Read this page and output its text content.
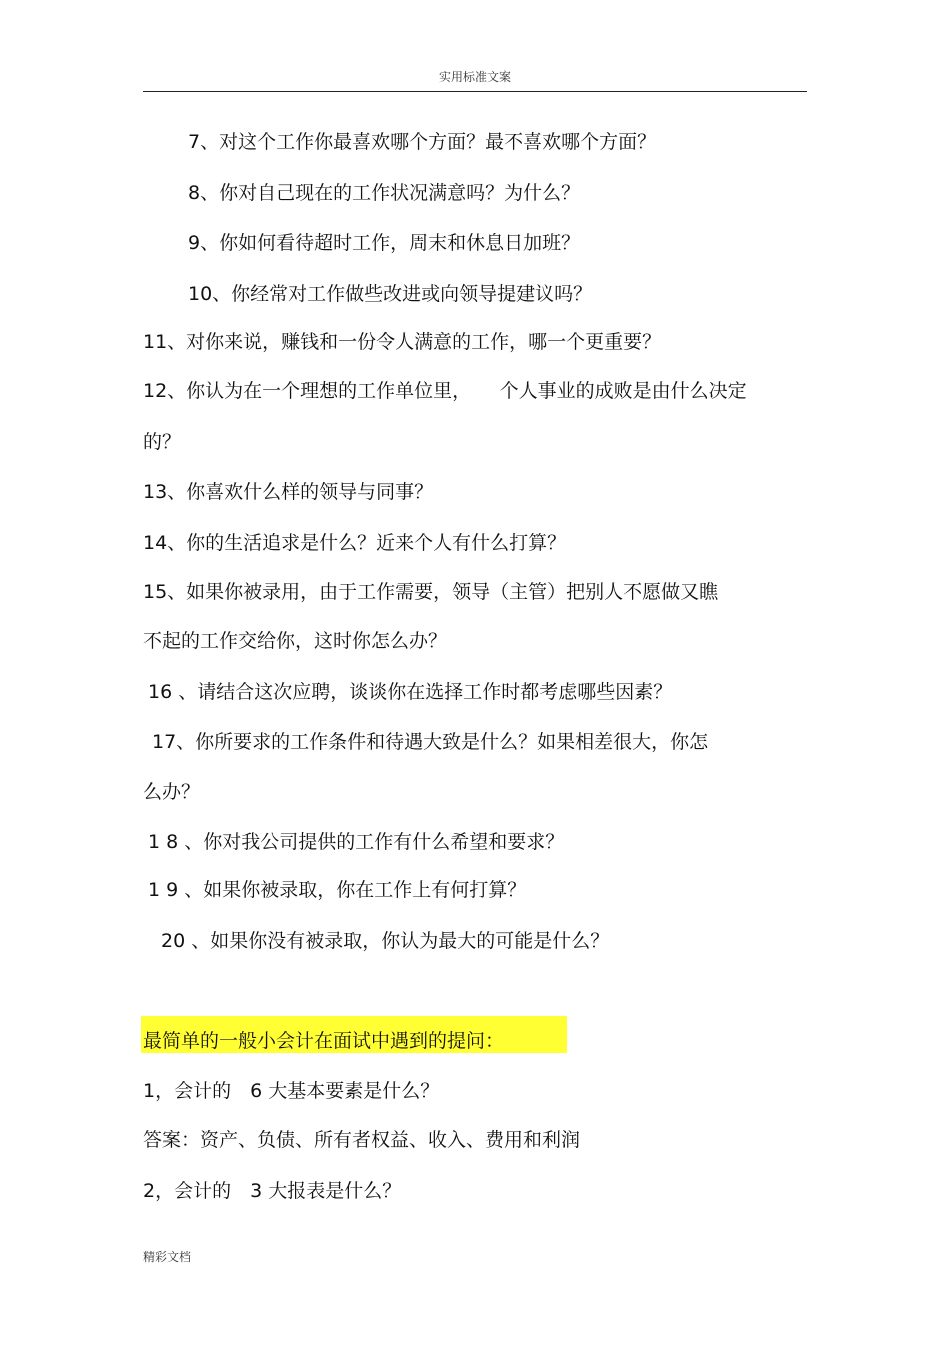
实用标准文案
7、对这个工作你最喜欢哪个方面？最不喜欢哪个方面？
8、你对自己现在的工作状况满意吗？为什么？
9、你如何看待超时工作，周末和休息日加班？
10、你经常对工作做些改进或向领导提建议吗？
11、对你来说，赚钱和一份令人满意的工作，哪一个更重要？
12、你认为在一个理想的工作单位里，　　个人事业的成败是由什么决定
的？
13、你喜欢什么样的领导与同事？
14、你的生活追求是什么？近来个人有什么打算？
15、如果你被录用，由于工作需要，领导（主管）把别人不愿做又瞧
不起的工作交给你，这时你怎么办？
16 、请结合这次应聘，谈谈你在选择工作时都考虑哪些因素？
17、你所要求的工作条件和待遇大致是什么？如果相差很大，你怎
么办？
1 8 、你对我公司提供的工作有什么希望和要求？
1 9 、如果你被录取，你在工作上有何打算？
20 、如果你没有被录取，你认为最大的可能是什么？
最简单的一般小会计在面试中遇到的提问：
1，会计的　6 大基本要素是什么？
答案：资产、负债、所有者权益、收入、费用和利润
2，会计的　3 大报表是什么？
精彩文档
